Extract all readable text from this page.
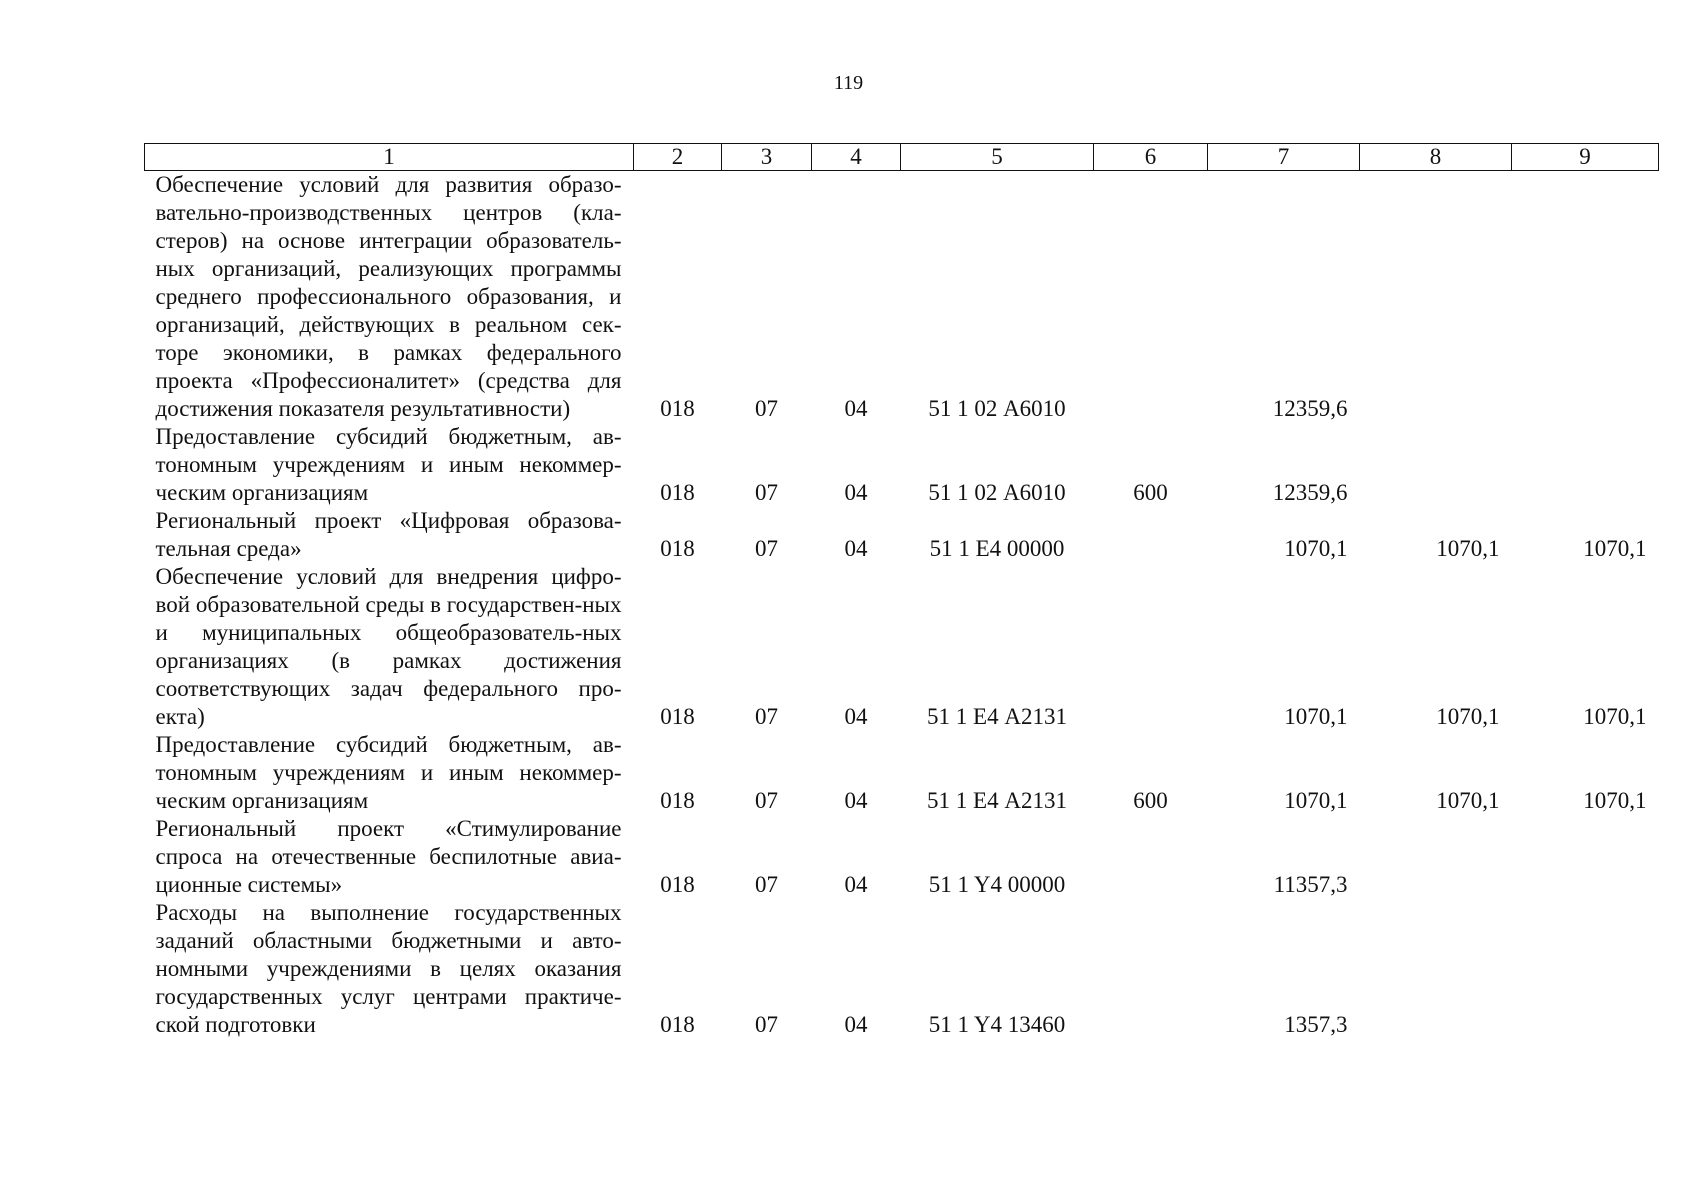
119
1	2	3	4	5	6	7	8	9
Обеспечение условий для развития образо-вательно-производственных центров (кла-стеров) на основе интеграции образователь-ных организаций, реализующих программы среднего профессионального образования, и организаций, действующих в реальном сек-торе экономики, в рамках федерального проекта «Профессионалитет» (средства для достижения показателя результативности)	018	07	04	51 1 02 А6010		12359,6		
Предоставление субсидий бюджетным, ав-тономным учреждениям и иным некоммер-ческим организациям	018	07	04	51 1 02 А6010	600	12359,6		
Региональный проект «Цифровая образова-тельная среда»	018	07	04	51 1 Е4 00000		1070,1	1070,1	1070,1
Обеспечение условий для внедрения цифро-вой образовательной среды в государствен-ных и муниципальных общеобразователь-ных организациях (в рамках достижения соответствующих задач федерального про-екта)	018	07	04	51 1 Е4 А2131		1070,1	1070,1	1070,1
Предоставление субсидий бюджетным, ав-тономным учреждениям и иным некоммер-ческим организациям	018	07	04	51 1 Е4 А2131	600	1070,1	1070,1	1070,1
Региональный проект «Стимулирование спроса на отечественные беспилотные авиа-ционные системы»	018	07	04	51 1 Y4 00000		11357,3		
Расходы на выполнение государственных заданий областными бюджетными и авто-номными учреждениями в целях оказания государственных услуг центрами практиче-ской подготовки	018	07	04	51 1 Y4 13460		1357,3		
